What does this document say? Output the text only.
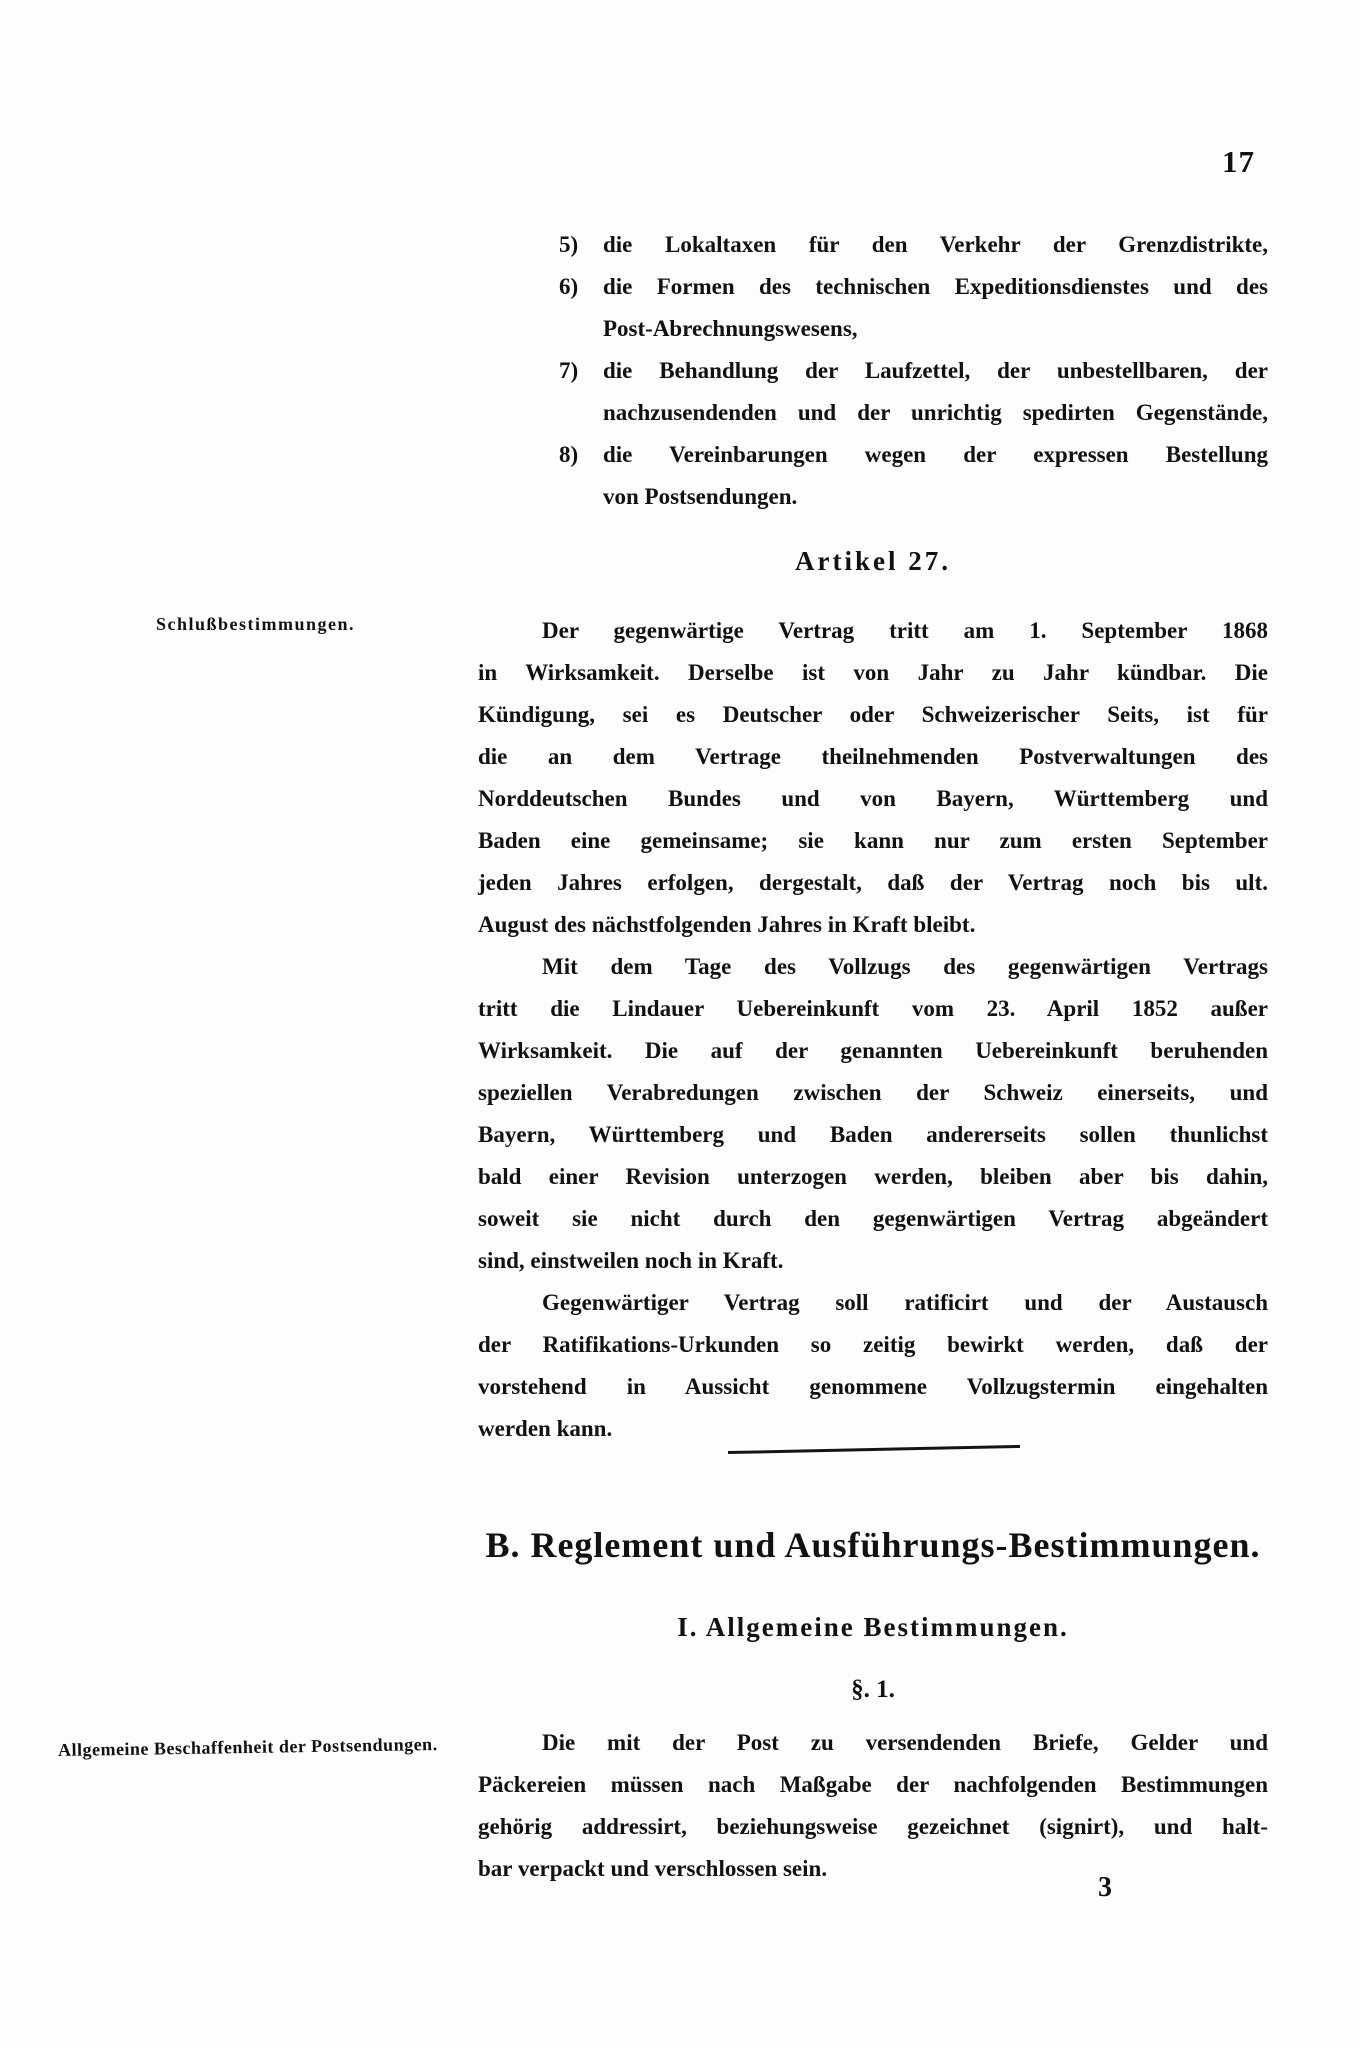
17
5)	die Lokaltaxen für den Verkehr der Grenzdistrikte,
6)	die Formen des technischen Expeditionsdienstes und des
Post-Abrechnungswesens,
7)	die Behandlung der Laufzettel, der unbestellbaren, der
nachzusendenden und der unrichtig spedirten Gegenstände,
8)	die Vereinbarungen wegen der expressen Bestellung
von Postsendungen.
Artikel 27.
Schlußbestimmungen.	Der gegenwärtige Vertrag tritt am 1. September 1868
in Wirksamkeit. Derselbe ist von Jahr zu Jahr kündbar. Die
Kündigung, sei es Deutscher oder Schweizerischer Seits, ist für
die an dem Vertrage theilnehmenden Postverwaltungen des
Norddeutschen Bundes und von Bayern, Württemberg und
Baden eine gemeinsame; sie kann nur zum ersten September
jeden Jahres erfolgen, dergestalt, daß der Vertrag noch bis ult.
August des nächstfolgenden Jahres in Kraft bleibt.
Mit dem Tage des Vollzugs des gegenwärtigen Vertrags
tritt die Lindauer Uebereinkunft vom 23. April 1852 außer
Wirksamkeit. Die auf der genannten Uebereinkunft beruhenden
speziellen Verabredungen zwischen der Schweiz einerseits, und
Bayern, Württemberg und Baden andererseits sollen thunlichst
bald einer Revision unterzogen werden, bleiben aber bis dahin,
soweit sie nicht durch den gegenwärtigen Vertrag abgeändert
sind, einstweilen noch in Kraft.
Gegenwärtiger Vertrag soll ratificirt und der Austausch
der Ratifikations-Urkunden so zeitig bewirkt werden, daß der
vorstehend in Aussicht genommene Vollzugstermin eingehalten
werden kann.
B. Reglement und Ausführungs-Bestimmungen.
I. Allgemeine Bestimmungen.
§. 1.
Allgemeine Beschaffenheit der Postsendungen.	Die mit der Post zu versendenden Briefe, Gelder und
Päckereien müssen nach Maßgabe der nachfolgenden Bestimmungen
gehörig addressirt, beziehungsweise gezeichnet (signirt), und halt-
bar verpackt und verschlossen sein.
3
